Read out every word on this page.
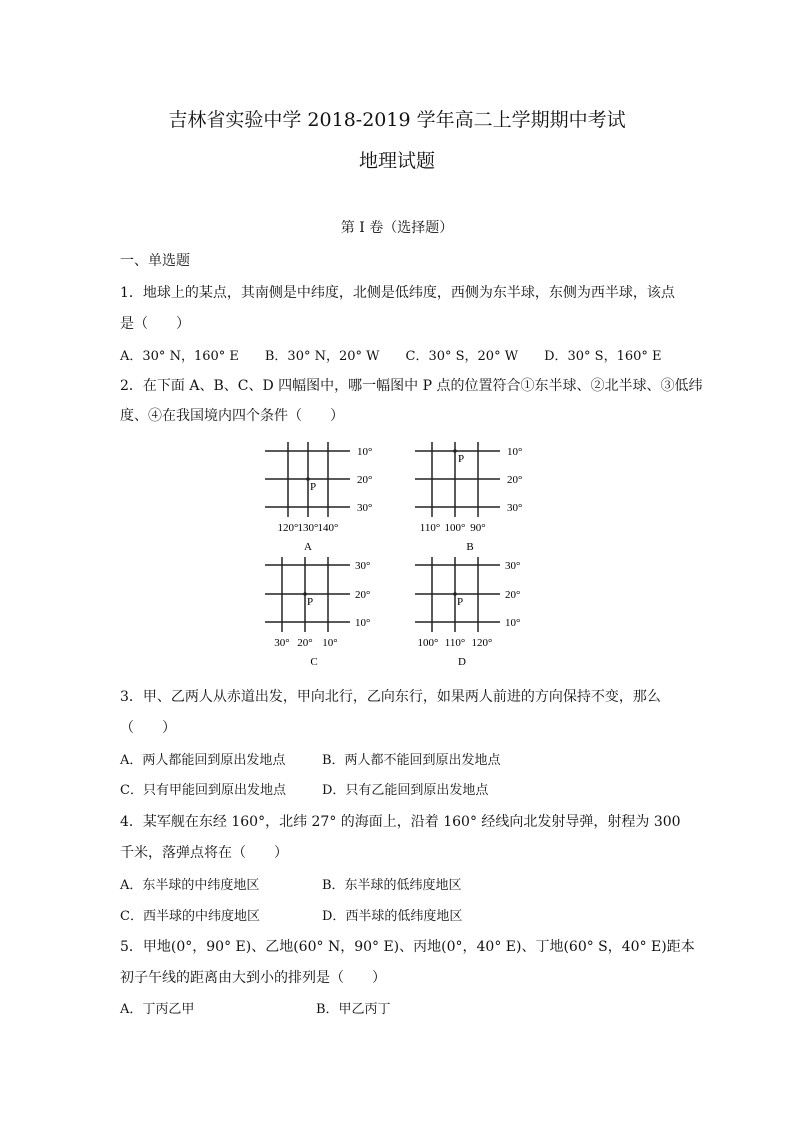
吉林省实验中学 2018-2019 学年高二上学期期中考试
地理试题
第 I 卷（选择题）
一、单选题
1．地球上的某点，其南侧是中纬度，北侧是低纬度，西侧为东半球，东侧为西半球，该点
是（　　）
A．30° N，160° E　　B．30° N，20° W　　C．30° S，20° W　　D．30° S，160° E
2．在下面 A、B、C、D 四幅图中，哪一幅图中 P 点的位置符合①东半球、②北半球、③低纬
度、④在我国境内四个条件（　　）
P
10°
20°
30°
120° 130° 140°
A
P
10°
20°
30°
110° 100° 90°
B
P
30°
20°
10°
30° 20° 10°
C
P
30°
20°
10°
100° 110° 120°
D
3．甲、乙两人从赤道出发，甲向北行，乙向东行，如果两人前进的方向保持不变，那么
（　　）
A．两人都能回到原出发地点	B．两人都不能回到原出发地点
C．只有甲能回到原出发地点	D．只有乙能回到原出发地点
4．某军舰在东经 160°，北纬 27° 的海面上，沿着 160° 经线向北发射导弹，射程为 300
千米，落弹点将在（　　）
A．东半球的中纬度地区	B．东半球的低纬度地区
C．西半球的中纬度地区	D．西半球的低纬度地区
5．甲地(0°，90° E)、乙地(60° N，90° E)、丙地(0°，40° E)、丁地(60° S，40° E)距本
初子午线的距离由大到小的排列是（　　）
A．丁丙乙甲	B．甲乙丙丁
